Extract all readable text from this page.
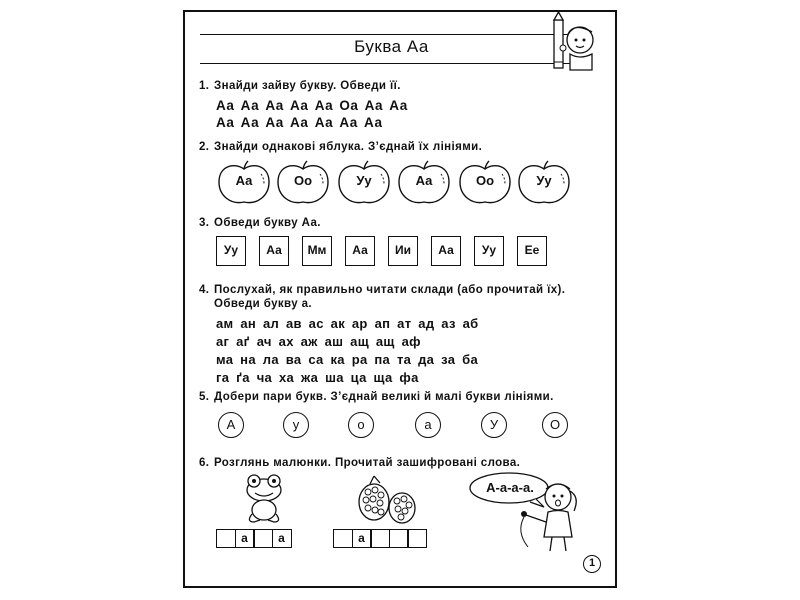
Буква Аа
1. Знайди зайву букву. Обведи її.
Аа Аа Аа Аа Аа Оа Аа Аа
Аа Аа Аа Аа Аа Аа Аа
2. Знайди однакові яблука. З’єднай їх лініями.
Аа	Оо	Уу	Аа	Оо	Уу
3. Обведи букву Аа.
Уу	Аа	Мм	Аа	Ии	Аа	Уу	Ее
4. Послухай, як правильно читати склади (або прочитай їх).
Обведи букву а.
ам ан ал ав ас ак ар ап ат ад аз аб
аг аґ ач ах аж аш ащ ащ аф
ма на ла ва са ка ра па та да за ба
га ґа ча ха жа ша ца ща фа
5. Добери пари букв. З’єднай великі й малі букви лініями.
А	у	о	а	У	О
6. Розглянь малюнки. Прочитай зашифровані слова.
а	а	а
А-а-а-а.
1
